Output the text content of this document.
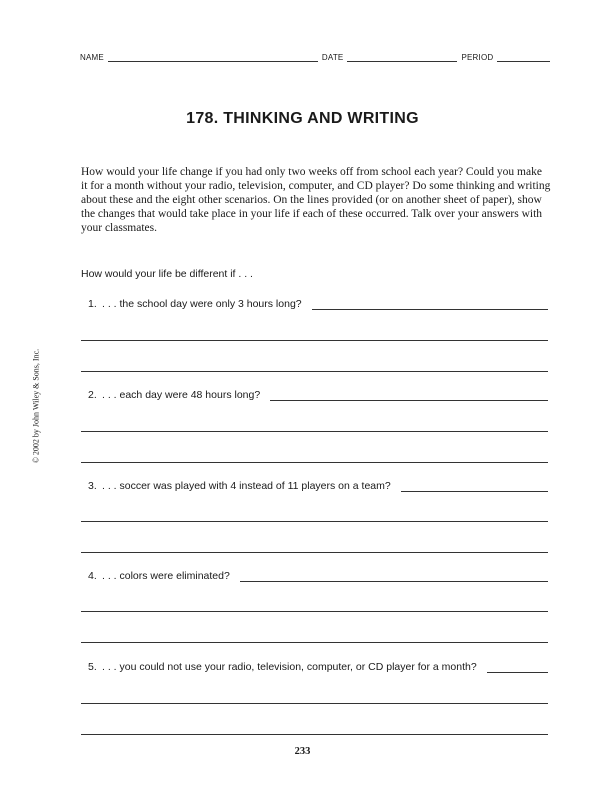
NAME	DATE	PERIOD
178. THINKING AND WRITING
How would your life change if you had only two weeks off from school each year? Could you make it for a month without your radio, television, computer, and CD player? Do some thinking and writing about these and the eight other scenarios. On the lines provided (or on another sheet of paper), show the changes that would take place in your life if each of these occurred. Talk over your answers with your classmates.
How would your life be different if . . .
1. . . . the school day were only 3 hours long?
2. . . . each day were 48 hours long?
3. . . . soccer was played with 4 instead of 11 players on a team?
4. . . . colors were eliminated?
5. . . . you could not use your radio, television, computer, or CD player for a month?
© 2002 by John Wiley & Sons, Inc.
233
